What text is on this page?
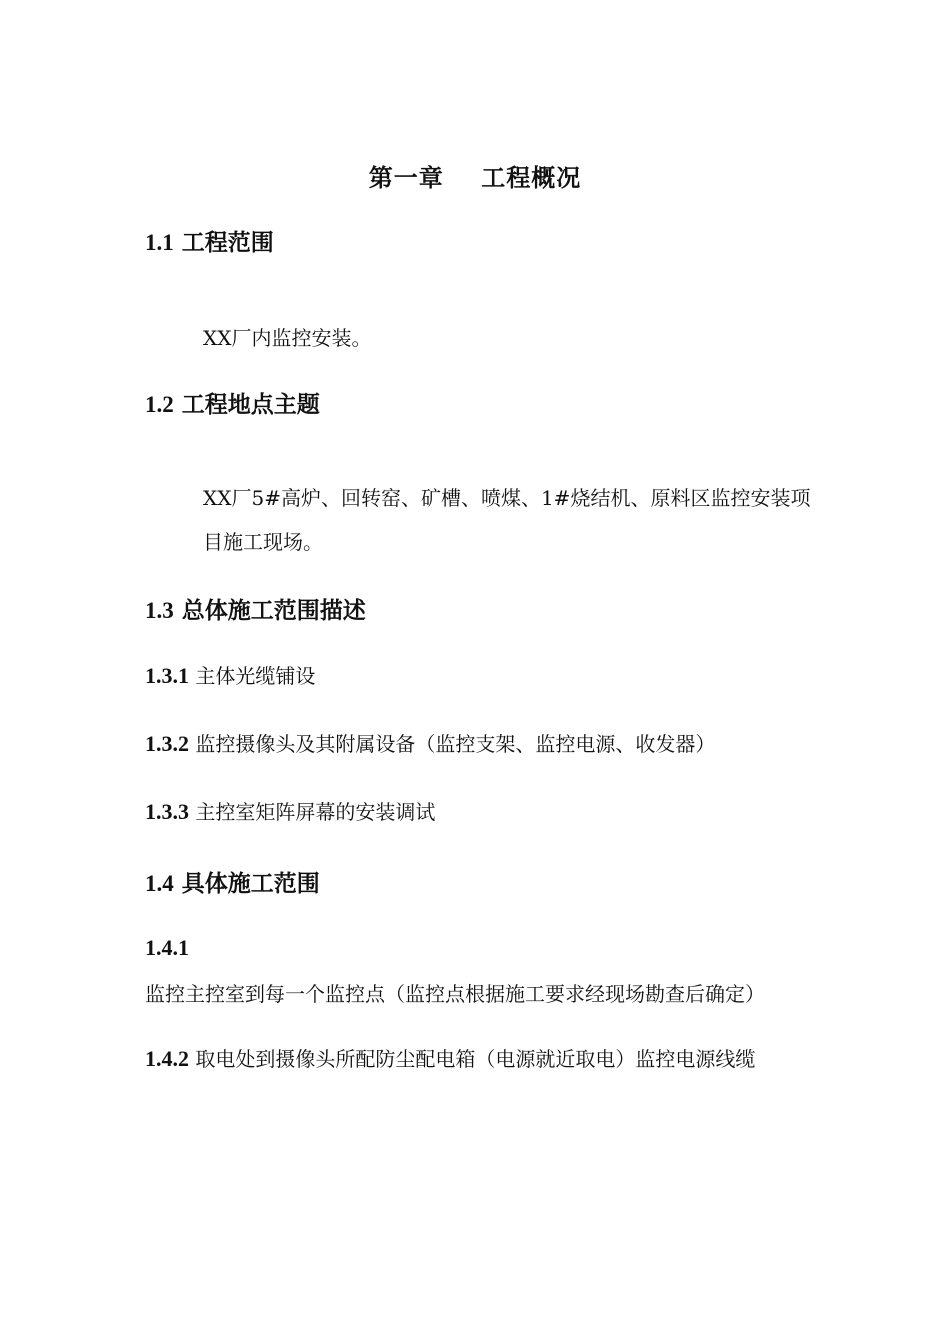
第一章    工程概况
1.1 工程范围
XX厂内监控安装。
1.2 工程地点主题
XX厂5#高炉、回转窑、矿槽、喷煤、1#烧结机、原料区监控安装项目施工现场。
1.3 总体施工范围描述
1.3.1 主体光缆铺设
1.3.2 监控摄像头及其附属设备（监控支架、监控电源、收发器）
1.3.3 主控室矩阵屏幕的安装调试
1.4 具体施工范围
1.4.1 监控主控室到每一个监控点（监控点根据施工要求经现场勘查后确定）
1.4.2 取电处到摄像头所配防尘配电箱（电源就近取电）监控电源线缆
